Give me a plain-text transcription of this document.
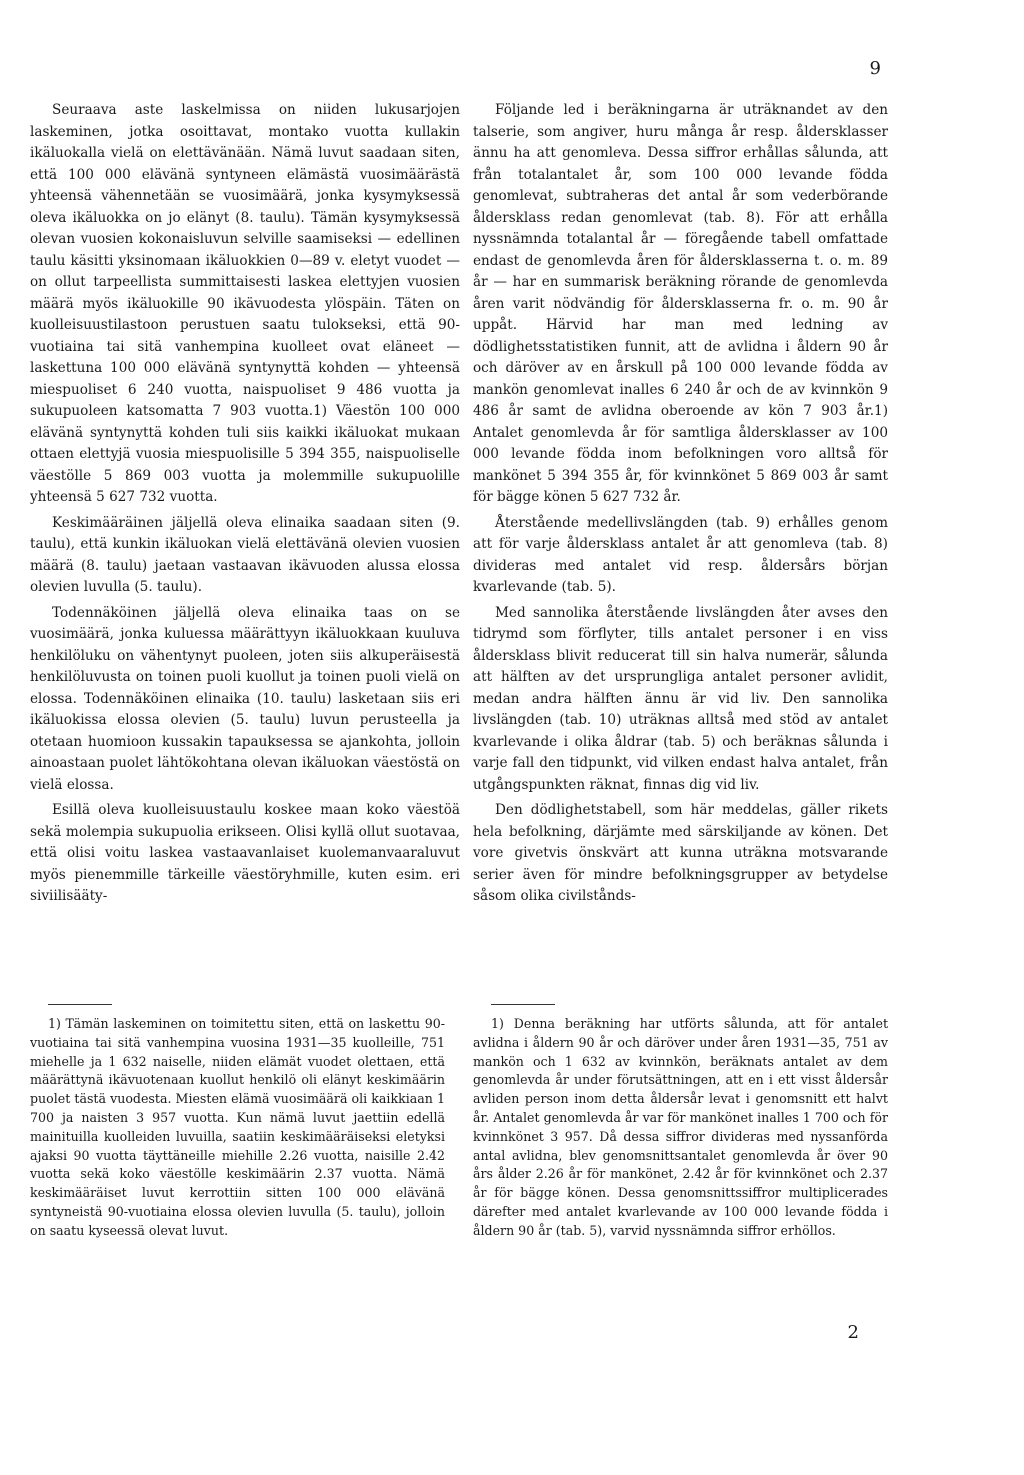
9

Seuraava aste laskelmissa on niiden lukusarjojen laskeminen, jotka osoittavat, montako vuotta kullakin ikäluokalla vielä on elettävänään. Nämä luvut saadaan siten, että 100 000 elävänä syntyneen elämästä vuosimäärästä yhteensä vähennetään se vuosimäärä, jonka kysymyksessä oleva ikäluokka on jo elänyt (8. taulu). Tämän kysymyksessä olevan vuosien kokonaisluvun selville saamiseksi — edellinen taulu käsitti yksinomaan ikäluokkien 0—89 v. eletyt vuodet — on ollut tarpeellista summittaisesti laskea elettyjen vuosien määrä myös ikäluokille 90 ikävuodesta ylöspäin. Täten on kuolleisuustilastoon perustuen saatu tulokseksi, että 90-vuotiaina tai sitä vanhempina kuolleet ovat eläneet — laskettuna 100 000 elävänä syntynyttä kohden — yhteensä miespuoliset 6 240 vuotta, naispuoliset 9 486 vuotta ja sukupuoleen katsomatta 7 903 vuotta.1) Väestön 100 000 elävänä syntynyttä kohden tuli siis kaikki ikäluokat mukaan ottaen elettyjä vuosia miespuolisille 5 394 355, naispuoliselle väestölle 5 869 003 vuotta ja molemmille sukupuolille yhteensä 5 627 732 vuotta.

Keskimääräinen jäljellä oleva elinaika saadaan siten (9. taulu), että kunkin ikäluokan vielä elettävänä olevien vuosien määrä (8. taulu) jaetaan vastaavan ikävuoden alussa elossa olevien luvulla (5. taulu).

Todennäköinen jäljellä oleva elinaika taas on se vuosimäärä, jonka kuluessa määrättyyn ikäluokkaan kuuluva henkilöluku on vähentynyt puoleen, joten siis alkuperäisestä henkilöluvusta on toinen puoli kuollut ja toinen puoli vielä on elossa. Todennäköinen elinaika (10. taulu) lasketaan siis eri ikäluokissa elossa olevien (5. taulu) luvun perusteella ja otetaan huomioon kussakin tapauksessa se ajankohta, jolloin ainoastaan puolet lähtökohtana olevan ikäluokan väestöstä on vielä elossa.

Esillä oleva kuolleisuustaulu koskee maan koko väestöä sekä molempia sukupuolia erikseen. Olisi kyllä ollut suotavaa, että olisi voitu laskea vastaavanlaiset kuolemanvaaraluvut myös pienemmille tärkeille väestöryhmille, kuten esim. eri siviilisääty-

Följande led i beräkningarna är uträknandet av den talserie, som angiver, huru många år resp. åldersklasser ännu ha att genomleva. Dessa siffror erhållas sålunda, att från totalantalet år, som 100 000 levande födda genomlevat, subtraheras det antal år som vederbörande åldersklass redan genomlevat (tab. 8). För att erhålla nyssnämnda totalantal år — föregående tabell omfattade endast de genomlevda åren för åldersklasserna t. o. m. 89 år — har en summarisk beräkning rörande de genomlevda åren varit nödvändig för åldersklasserna fr. o. m. 90 år uppåt. Härvid har man med ledning av dödlighetsstatistiken funnit, att de avlidna i åldern 90 år och däröver av en årskull på 100 000 levande födda av mankön genomlevat inalles 6 240 år och de av kvinnkön 9 486 år samt de avlidna oberoende av kön 7 903 år.1) Antalet genomlevda år för samtliga åldersklasser av 100 000 levande födda inom befolkningen voro alltså för mankönet 5 394 355 år, för kvinnkönet 5 869 003 år samt för bägge könen 5 627 732 år.

Återstående medellivslängden (tab. 9) erhålles genom att för varje åldersklass antalet år att genomleva (tab. 8) divideras med antalet vid resp. åldersårs början kvarlevande (tab. 5).

Med sannolika återstående livslängden åter avses den tidrymd som förflyter, tills antalet personer i en viss åldersklass blivit reducerat till sin halva numerär, sålunda att hälften av det ursprungliga antalet personer avlidit, medan andra hälften ännu är vid liv. Den sannolika livslängden (tab. 10) uträknas alltså med stöd av antalet kvarlevande i olika åldrar (tab. 5) och beräknas sålunda i varje fall den tidpunkt, vid vilken endast halva antalet, från utgångspunkten räknat, finnas dig vid liv.

Den dödlighetstabell, som här meddelas, gäller rikets hela befolkning, därjämte med särskiljande av könen. Det vore givetvis önskvärt att kunna uträkna motsvarande serier även för mindre befolkningsgrupper av betydelse såsom olika civilstånds-

1) Tämän laskeminen on toimitettu siten, että on laskettu 90-vuotiaina tai sitä vanhempina vuosina 1931—35 kuolleille, 751 miehelle ja 1 632 naiselle, niiden elämät vuodet olettaen, että määrättynä ikävuotenaan kuollut henkilö oli elänyt keskimäärin puolet tästä vuodesta. Miesten elämä vuosimäärä oli kaikkiaan 1 700 ja naisten 3 957 vuotta. Kun nämä luvut jaettiin edellä mainituilla kuolleiden luvuilla, saatiin keskimääräiseksi eletyksi ajaksi 90 vuotta täyttäneille miehille 2.26 vuotta, naisille 2.42 vuotta sekä koko väestölle keskimäärin 2.37 vuotta. Nämä keskimääräiset luvut kerrottiin sitten 100 000 elävänä syntyneistä 90-vuotiaina elossa olevien luvulla (5. taulu), jolloin on saatu kyseessä olevat luvut.

1) Denna beräkning har utförts sålunda, att för antalet avlidna i åldern 90 år och däröver under åren 1931—35, 751 av mankön och 1 632 av kvinnkön, beräknats antalet av dem genomlevda år under förutsättningen, att en i ett visst åldersår avliden person inom detta åldersår levat i genomsnitt ett halvt år. Antalet genomlevda år var för mankönet inalles 1 700 och för kvinnkönet 3 957. Då dessa siffror divideras med nyssanförda antal avlidna, blev genomsnittsantalet genomlevda år över 90 års ålder 2.26 år för mankönet, 2.42 år för kvinnkönet och 2.37 år för bägge könen. Dessa genomsnittssiffror multiplicerades därefter med antalet kvarlevande av 100 000 levande födda i åldern 90 år (tab. 5), varvid nyssnämnda siffror erhöllos.

2
